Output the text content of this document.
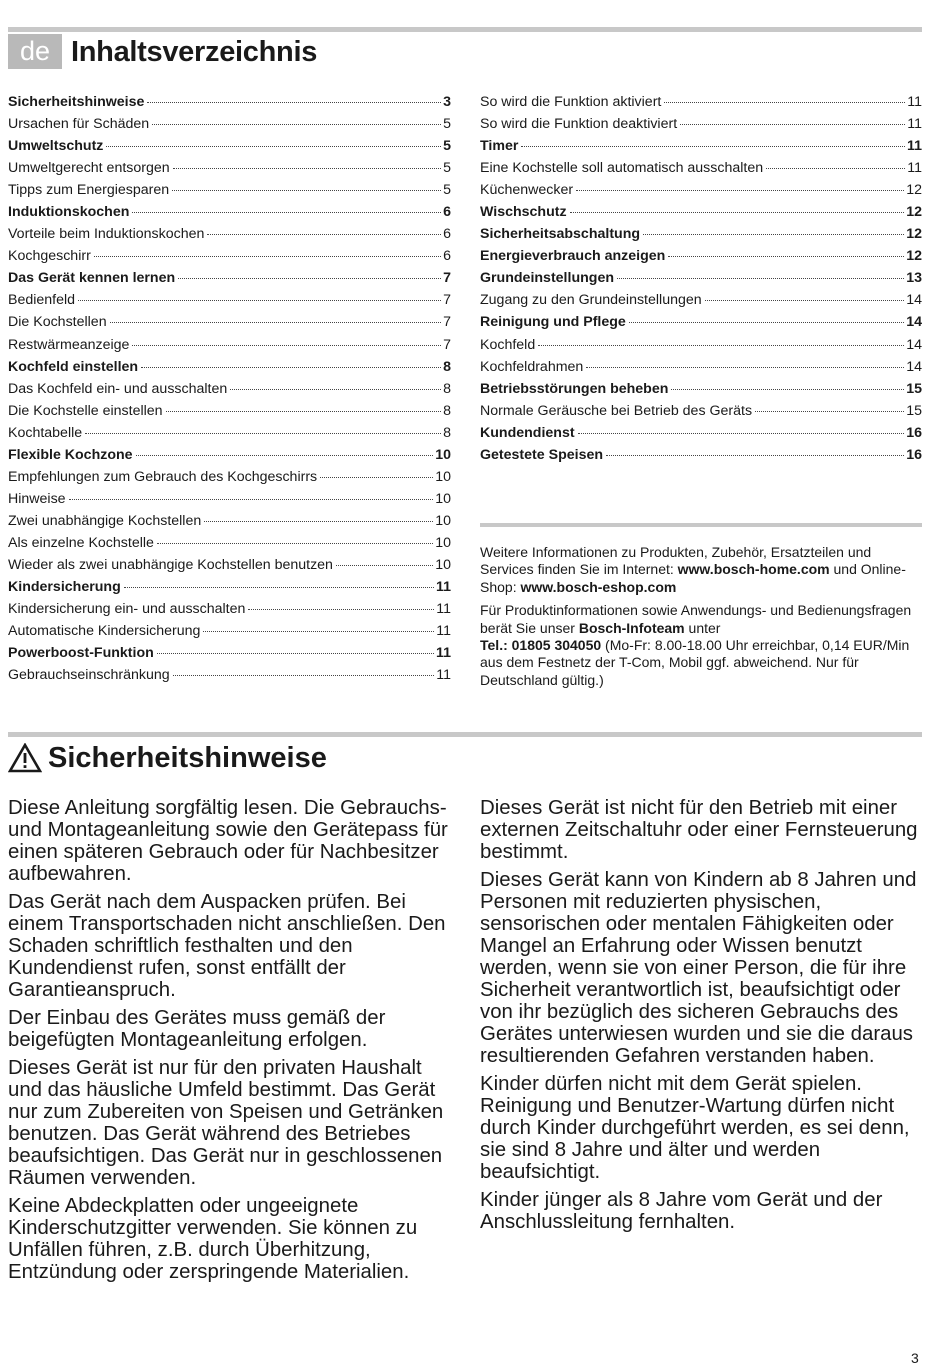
de Inhaltsverzeichnis
Sicherheitshinweise	3
Ursachen für Schäden	5
Umweltschutz	5
Umweltgerecht entsorgen	5
Tipps zum Energiesparen	5
Induktionskochen	6
Vorteile beim Induktionskochen	6
Kochgeschirr	6
Das Gerät kennen lernen	7
Bedienfeld	7
Die Kochstellen	7
Restwärmeanzeige	7
Kochfeld einstellen	8
Das Kochfeld ein- und ausschalten	8
Die Kochstelle einstellen	8
Kochtabelle	8
Flexible Kochzone	10
Empfehlungen zum Gebrauch des Kochgeschirrs	10
Hinweise	10
Zwei unabhängige Kochstellen	10
Als einzelne Kochstelle	10
Wieder als zwei unabhängige Kochstellen benutzen	10
Kindersicherung	11
Kindersicherung ein- und ausschalten	11
Automatische Kindersicherung	11
Powerboost-Funktion	11
Gebrauchseinschränkung	11
So wird die Funktion aktiviert	11
So wird die Funktion deaktiviert	11
Timer	11
Eine Kochstelle soll automatisch ausschalten	11
Küchenwecker	12
Wischschutz	12
Sicherheitsabschaltung	12
Energieverbrauch anzeigen	12
Grundeinstellungen	13
Zugang zu den Grundeinstellungen	14
Reinigung und Pflege	14
Kochfeld	14
Kochfeldrahmen	14
Betriebsstörungen beheben	15
Normale Geräusche bei Betrieb des Geräts	15
Kundendienst	16
Getestete Speisen	16

Weitere Informationen zu Produkten, Zubehör, Ersatzteilen und Services finden Sie im Internet: www.bosch-home.com und Online-Shop: www.bosch-eshop.com

Für Produktinformationen sowie Anwendungs- und Bedienungsfragen berät Sie unser Bosch-Infoteam unter
Tel.: 01805 304050 (Mo-Fr: 8.00-18.00 Uhr erreichbar, 0,14 EUR/Min aus dem Festnetz der T-Com, Mobil ggf. abweichend. Nur für Deutschland gültig.)

Sicherheitshinweise

Diese Anleitung sorgfältig lesen. Die Gebrauchs- und Montageanleitung sowie den Gerätepass für einen späteren Gebrauch oder für Nachbesitzer aufbewahren.

Das Gerät nach dem Auspacken prüfen. Bei einem Transportschaden nicht anschließen. Den Schaden schriftlich festhalten und den Kundendienst rufen, sonst entfällt der Garantieanspruch.

Der Einbau des Gerätes muss gemäß der beigefügten Montageanleitung erfolgen.

Dieses Gerät ist nur für den privaten Haushalt und das häusliche Umfeld bestimmt. Das Gerät nur zum Zubereiten von Speisen und Getränken benutzen. Das Gerät während des Betriebes beaufsichtigen. Das Gerät nur in geschlossenen Räumen verwenden.

Keine Abdeckplatten oder ungeeignete Kinderschutzgitter verwenden. Sie können zu Unfällen führen, z.B. durch Überhitzung, Entzündung oder zerspringende Materialien.

Dieses Gerät ist nicht für den Betrieb mit einer externen Zeitschaltuhr oder einer Fernsteuerung bestimmt.

Dieses Gerät kann von Kindern ab 8 Jahren und Personen mit reduzierten physischen, sensorischen oder mentalen Fähigkeiten oder Mangel an Erfahrung oder Wissen benutzt werden, wenn sie von einer Person, die für ihre Sicherheit verantwortlich ist, beaufsichtigt oder von ihr bezüglich des sicheren Gebrauchs des Gerätes unterwiesen wurden und sie die daraus resultierenden Gefahren verstanden haben.

Kinder dürfen nicht mit dem Gerät spielen. Reinigung und Benutzer-Wartung dürfen nicht durch Kinder durchgeführt werden, es sei denn, sie sind 8 Jahre und älter und werden beaufsichtigt.

Kinder jünger als 8 Jahre vom Gerät und der Anschlussleitung fernhalten.

3
